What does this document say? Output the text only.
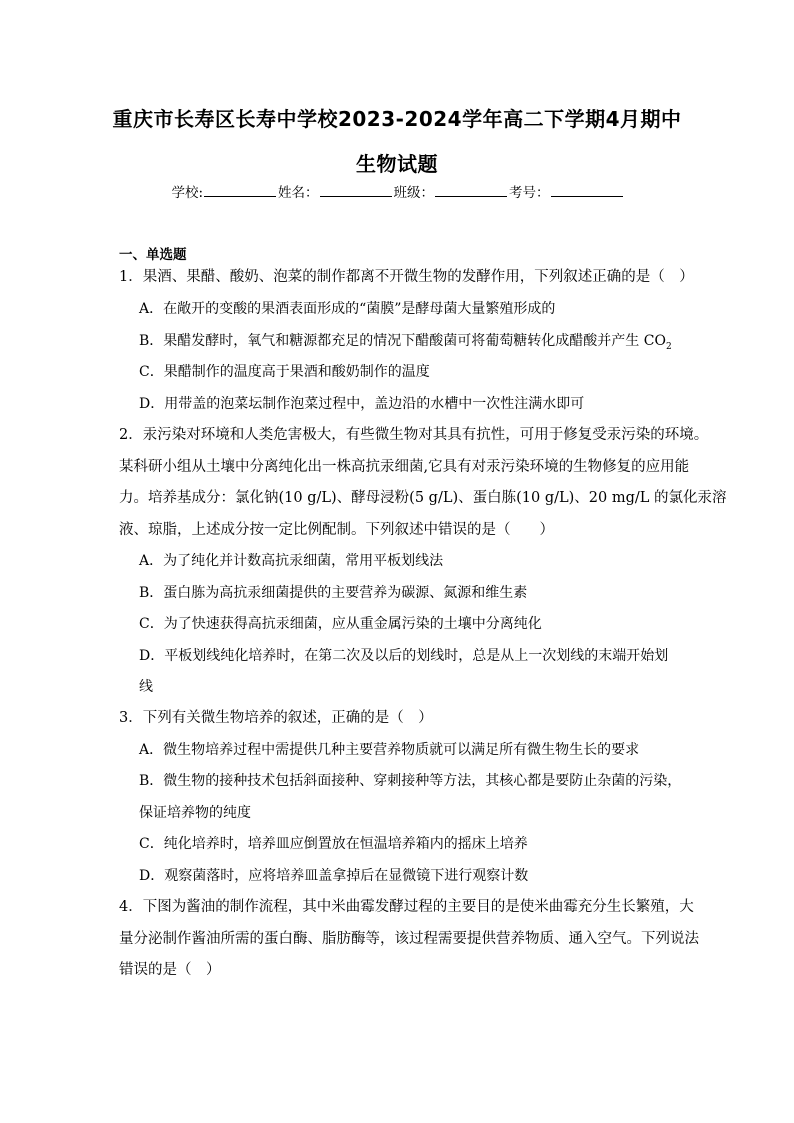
重庆市长寿区长寿中学校2023-2024学年高二下学期4月期中
生物试题
学校:	姓名：	班级：	考号：
一、单选题
1．果酒、果醋、酸奶、泡菜的制作都离不开微生物的发酵作用，下列叙述正确的是（　）
A．在敞开的变酸的果酒表面形成的“菌膜”是酵母菌大量繁殖形成的
B．果醋发酵时，氧气和糖源都充足的情况下醋酸菌可将葡萄糖转化成醋酸并产生 $CO_2$
C．果醋制作的温度高于果酒和酸奶制作的温度
D．用带盖的泡菜坛制作泡菜过程中，盖边沿的水槽中一次性注满水即可
2．汞污染对环境和人类危害极大，有些微生物对其具有抗性，可用于修复受汞污染的环境。
某科研小组从土壤中分离纯化出一株高抗汞细菌,它具有对汞污染环境的生物修复的应用能
力。培养基成分：氯化钠(10 g/L)、酵母浸粉(5 g/L)、蛋白胨(10 g/L)、20 mg/L 的氯化汞溶
液、琼脂，上述成分按一定比例配制。下列叙述中错误的是（　　）
A．为了纯化并计数高抗汞细菌，常用平板划线法
B．蛋白胨为高抗汞细菌提供的主要营养为碳源、氮源和维生素
C．为了快速获得高抗汞细菌，应从重金属污染的土壤中分离纯化
D．平板划线纯化培养时，在第二次及以后的划线时，总是从上一次划线的末端开始划
线
3．下列有关微生物培养的叙述，正确的是（　）
A．微生物培养过程中需提供几种主要营养物质就可以满足所有微生物生长的要求
B．微生物的接种技术包括斜面接种、穿刺接种等方法，其核心都是要防止杂菌的污染，
保证培养物的纯度
C．纯化培养时，培养皿应倒置放在恒温培养箱内的摇床上培养
D．观察菌落时，应将培养皿盖拿掉后在显微镜下进行观察计数
4．下图为酱油的制作流程，其中米曲霉发酵过程的主要目的是使米曲霉充分生长繁殖，大
量分泌制作酱油所需的蛋白酶、脂肪酶等，该过程需要提供营养物质、通入空气。下列说法
错误的是（　）
